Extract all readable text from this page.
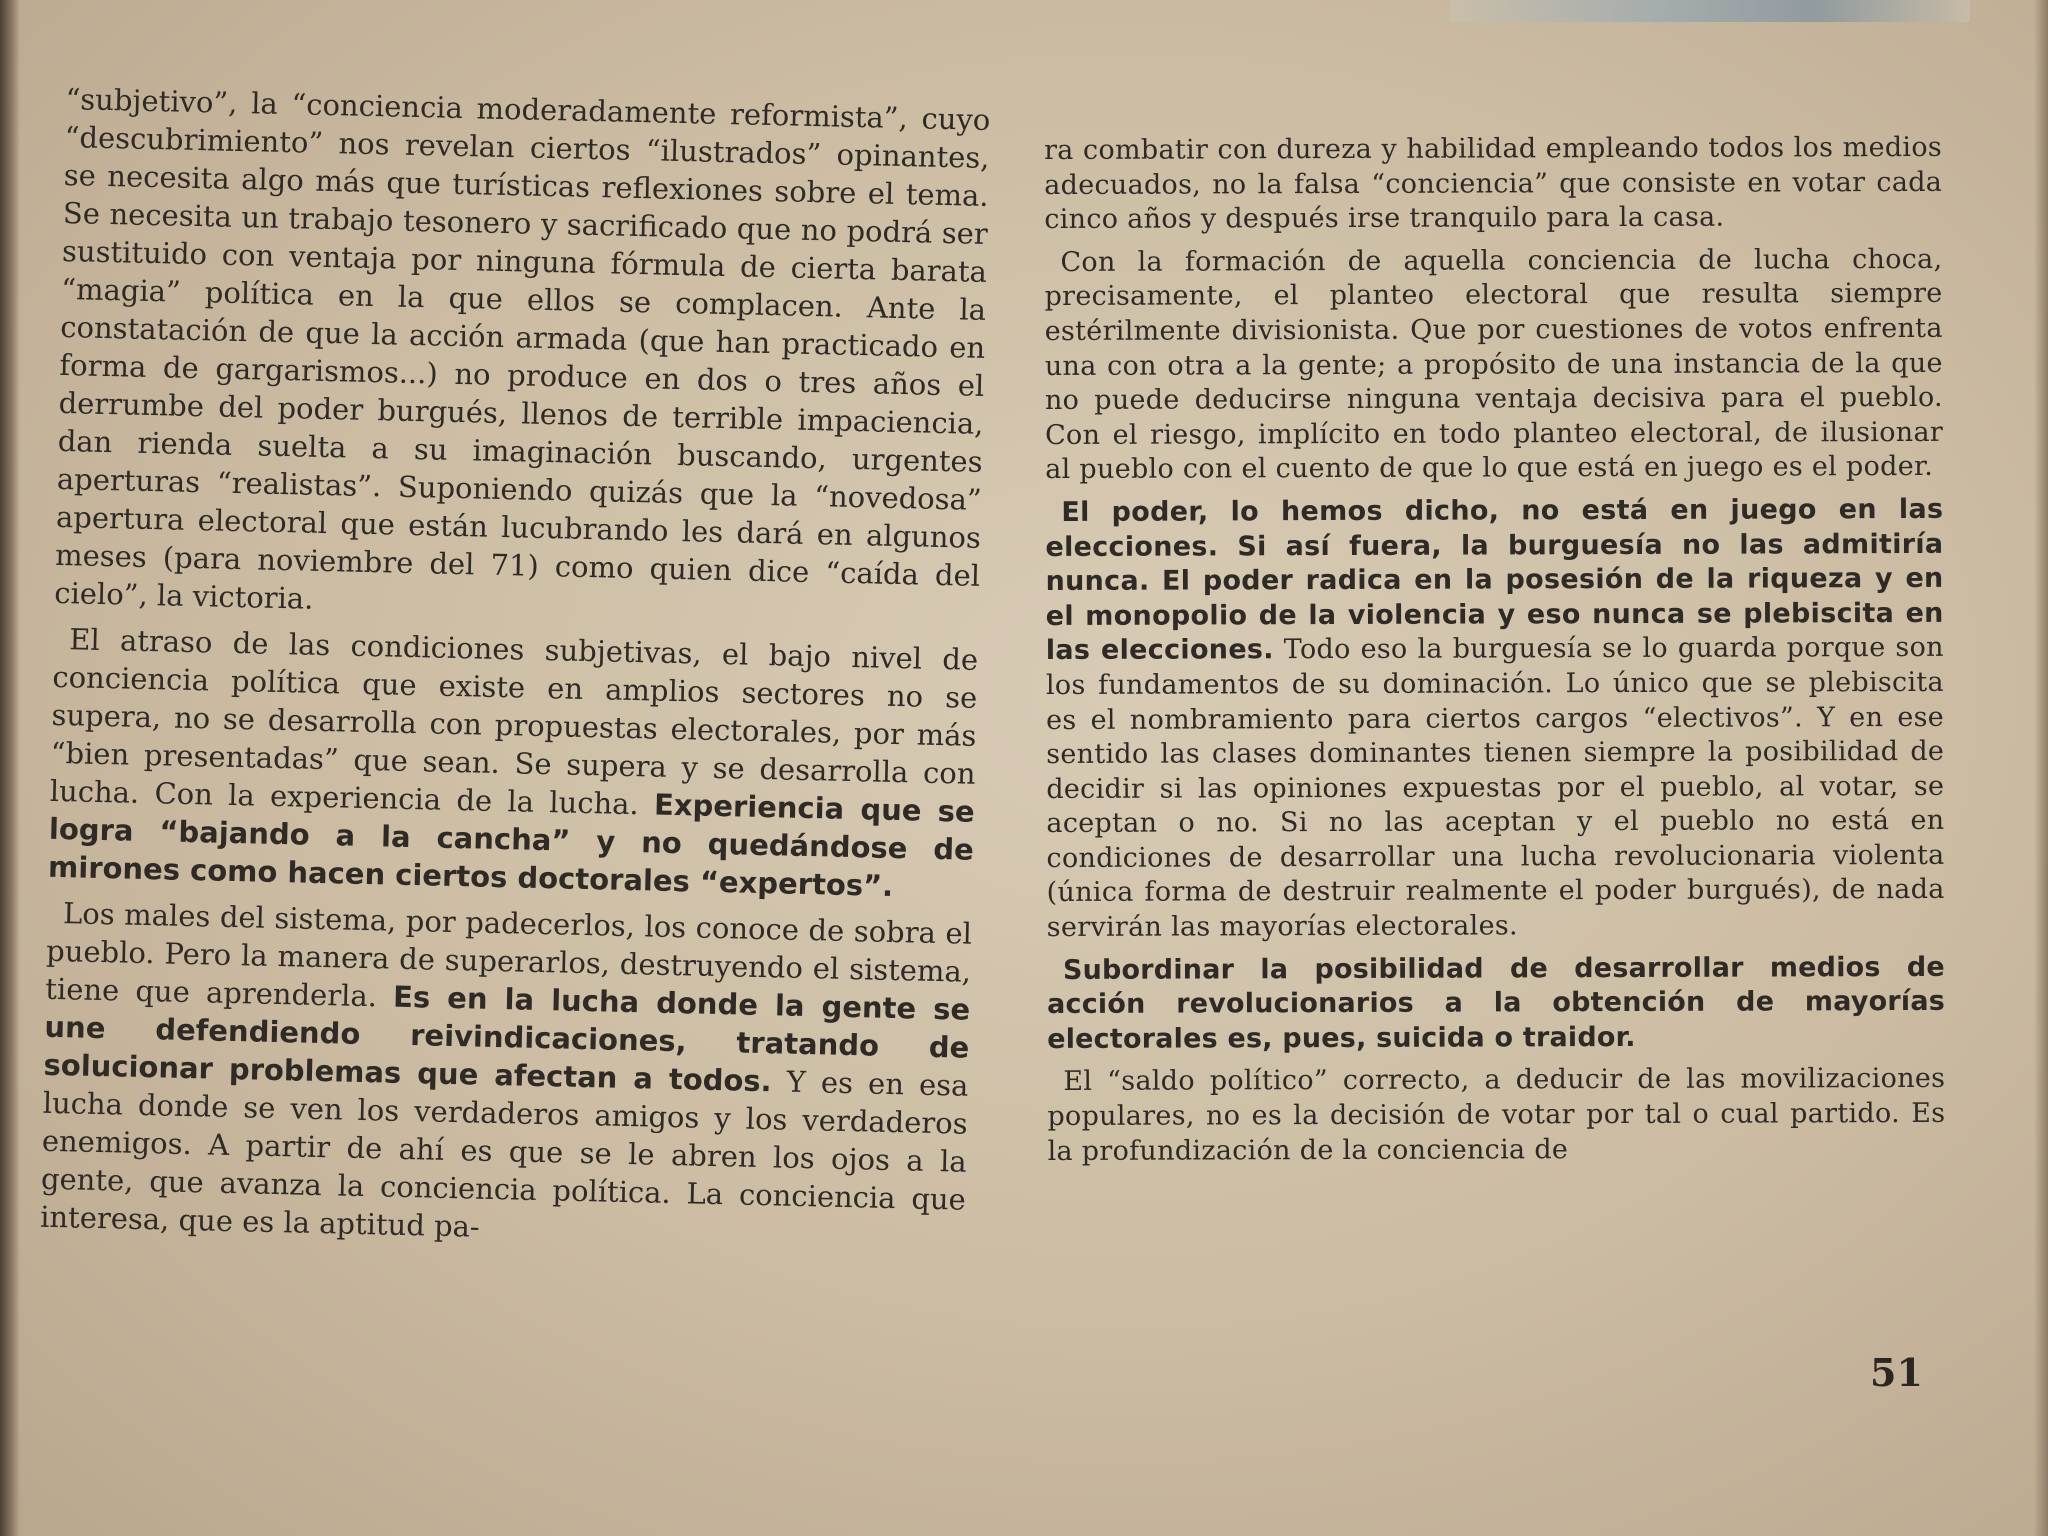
“subjetivo”, la “conciencia moderadamente reformista”, cuyo “descubrimiento” nos revelan ciertos “ilustrados” opinantes, se necesita algo más que turísticas reflexiones sobre el tema. Se necesita un trabajo tesonero y sacrificado que no podrá ser sustituido con ventaja por ninguna fórmula de cierta barata “magia” política en la que ellos se complacen. Ante la constatación de que la acción armada (que han practicado en forma de gargarismos...) no produce en dos o tres años el derrumbe del poder burgués, llenos de terrible impaciencia, dan rienda suelta a su imaginación buscando, urgentes aperturas “realistas”. Suponiendo quizás que la “novedosa” apertura electoral que están lucubrando les dará en algunos meses (para noviembre del 71) como quien dice “caída del cielo”, la victoria.

El atraso de las condiciones subjetivas, el bajo nivel de conciencia política que existe en amplios sectores no se supera, no se desarrolla con propuestas electorales, por más “bien presentadas” que sean. Se supera y se desarrolla con lucha. Con la experiencia de la lucha. Experiencia que se logra “bajando a la cancha” y no quedándose de mirones como hacen ciertos doctorales “expertos”.

Los males del sistema, por padecerlos, los conoce de sobra el pueblo. Pero la manera de superarlos, destruyendo el sistema, tiene que aprenderla. Es en la lucha donde la gente se une defendiendo reivindicaciones, tratando de solucionar problemas que afectan a todos. Y es en esa lucha donde se ven los verdaderos amigos y los verdaderos enemigos. A partir de ahí es que se le abren los ojos a la gente, que avanza la conciencia política. La conciencia que interesa, que es la aptitud pa-

ra combatir con dureza y habilidad empleando todos los medios adecuados, no la falsa “conciencia” que consiste en votar cada cinco años y después irse tranquilo para la casa.

Con la formación de aquella conciencia de lucha choca, precisamente, el planteo electoral que resulta siempre estérilmente divisionista. Que por cuestiones de votos enfrenta una con otra a la gente; a propósito de una instancia de la que no puede deducirse ninguna ventaja decisiva para el pueblo. Con el riesgo, implícito en todo planteo electoral, de ilusionar al pueblo con el cuento de que lo que está en juego es el poder.

El poder, lo hemos dicho, no está en juego en las elecciones. Si así fuera, la burguesía no las admitiría nunca. El poder radica en la posesión de la riqueza y en el monopolio de la violencia y eso nunca se plebiscita en las elecciones. Todo eso la burguesía se lo guarda porque son los fundamentos de su dominación. Lo único que se plebiscita es el nombramiento para ciertos cargos “electivos”. Y en ese sentido las clases dominantes tienen siempre la posibilidad de decidir si las opiniones expuestas por el pueblo, al votar, se aceptan o no. Si no las aceptan y el pueblo no está en condiciones de desarrollar una lucha revolucionaria violenta (única forma de destruir realmente el poder burgués), de nada servirán las mayorías electorales.

Subordinar la posibilidad de desarrollar medios de acción revolucionarios a la obtención de mayorías electorales es, pues, suicida o traidor.

El “saldo político” correcto, a deducir de las movilizaciones populares, no es la decisión de votar por tal o cual partido. Es la profundización de la conciencia de

51
